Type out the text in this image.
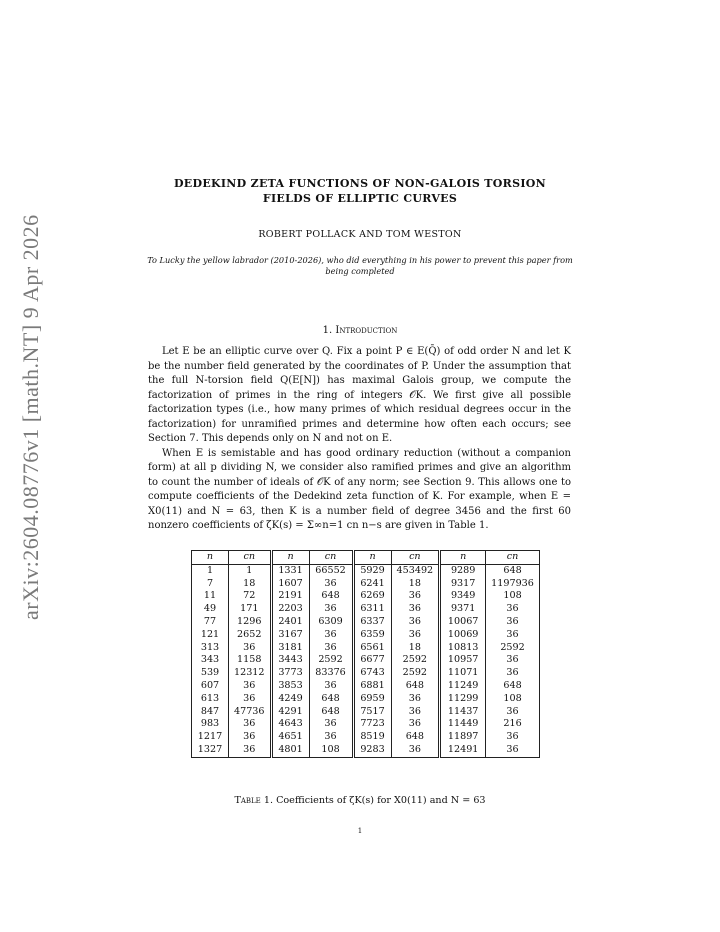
arXiv:2604.08776v1 [math.NT] 9 Apr 2026
DEDEKIND ZETA FUNCTIONS OF NON-GALOIS TORSION
FIELDS OF ELLIPTIC CURVES
ROBERT POLLACK AND TOM WESTON
To Lucky the yellow labrador (2010-2026), who did everything in his power to prevent this paper from being completed
1. Introduction

Let E be an elliptic curve over Q. Fix a point P ∈ E(Q̄) of odd order N and let K be the number field generated by the coordinates of P. Under the assumption that the full N-torsion field Q(E[N]) has maximal Galois group, we compute the factorization of primes in the ring of integers 𝒪K. We first give all possible factorization types (i.e., how many primes of which residual degrees occur in the factorization) for unramified primes and determine how often each occurs; see Section 7. This depends only on N and not on E.

When E is semistable and has good ordinary reduction (without a companion form) at all p dividing N, we consider also ramified primes and give an algorithm to count the number of ideals of 𝒪K of any norm; see Section 9. This allows one to compute coefficients of the Dedekind zeta function of K. For example, when E = X0(11) and N = 63, then K is a number field of degree 3456 and the first 60 nonzero coefficients of ζK(s) = Σ∞n=1 cn n−s are given in Table 1.

n	cn	n	cn	n	cn	n	cn
1	1	1331	66552	5929	453492	9289	648
7	18	1607	36	6241	18	9317	1197936
11	72	2191	648	6269	36	9349	108
49	171	2203	36	6311	36	9371	36
77	1296	2401	6309	6337	36	10067	36
121	2652	3167	36	6359	36	10069	36
313	36	3181	36	6561	18	10813	2592
343	1158	3443	2592	6677	2592	10957	36
539	12312	3773	83376	6743	2592	11071	36
607	36	3853	36	6881	648	11249	648
613	36	4249	648	6959	36	11299	108
847	47736	4291	648	7517	36	11437	36
983	36	4643	36	7723	36	11449	216
1217	36	4651	36	8519	648	11897	36
1327	36	4801	108	9283	36	12491	36
Table 1. Coefficients of ζK(s) for X0(11) and N = 63
1
